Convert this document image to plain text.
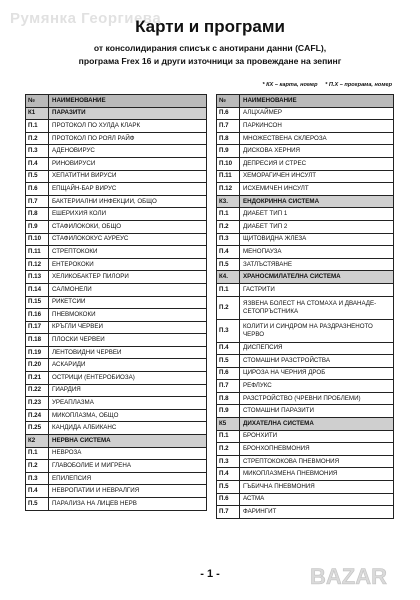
Румянка Георгиева
Карти и програми
от консолидирания списък с анотирани данни (CAFL),
програма Frex 16 и други източници за провеждане на зепинг
* КХ – карта, номер * П.Х – програма, номер
№	НАИМЕНОВАНИЕ
К1	ПАРАЗИТИ
П.1	ПРОТОКОЛ ПО ХУЛДА КЛАРК
П.2	ПРОТОКОЛ ПО РОЯЛ РАЙФ
П.3	АДЕНОВИРУС
П.4	РИНОВИРУСИ
П.5	ХЕПАТИТНИ ВИРУСИ
П.6	ЕПЩАЙН-БАР ВИРУС
П.7	БАКТЕРИАЛНИ ИНФЕКЦИИ, ОБЩО
П.8	ЕШЕРИХИЯ КОЛИ
П.9	СТАФИЛОКОКИ, ОБЩО
П.10	СТАФИЛОКОКУС АУРЕУС
П.11	СТРЕПТОКОКИ
П.12	ЕНТЕРОКОКИ
П.13	ХЕЛИКОБАКТЕР ПИЛОРИ
П.14	САЛМОНЕЛИ
П.15	РИКЕТСИИ
П.16	ПНЕВМОКОКИ
П.17	КРЪГЛИ ЧЕРВЕИ
П.18	ПЛОСКИ ЧЕРВЕИ
П.19	ЛЕНТОВИДНИ ЧЕРВЕИ
П.20	АСКАРИДИ
П.21	ОСТРИЦИ (ЕНТЕРОБИОЗА)
П.22	ГИАРДИЯ
П.23	УРЕАПЛАЗМА
П.24	МИКОПЛАЗМА, ОБЩО
П.25	КАНДИДА АЛБИКАНС
К2	НЕРВНА СИСТЕМА
П.1	НЕВРОЗА
П.2	ГЛАВОБОЛИЕ И МИГРЕНА
П.3	ЕПИЛЕПСИЯ
П.4	НЕВРОПАТИИ И НЕВРАЛГИЯ
П.5	ПАРАЛИЗА НА ЛИЦЕВ НЕРВ
№	НАИМЕНОВАНИЕ
П.6	АЛЦХАЙМЕР
П.7	ПАРКИНСОН
П.8	МНОЖЕСТВЕНА СКЛЕРОЗА
П.9	ДИСКОВА ХЕРНИЯ
П.10	ДЕПРЕСИЯ И СТРЕС
П.11	ХЕМОРАГИЧЕН ИНСУЛТ
П.12	ИСХЕМИЧЕН ИНСУЛТ
К3.	ЕНДОКРИННА СИСТЕМА
П.1	ДИАБЕТ ТИП 1
П.2	ДИАБЕТ ТИП 2
П.3	ЩИТОВИДНА ЖЛЕЗА
П.4	МЕНОПАУЗА
П.5	ЗАТЛЪСТЯВАНЕ
К4.	ХРАНОСМИЛАТЕЛНА СИСТЕМА
П.1	ГАСТРИТИ
П.2	ЯЗВЕНА БОЛЕСТ НА СТОМАХА И ДВАНАДЕ-СЕТОПРЪСТНИКА
П.3	КОЛИТИ И СИНДРОМ НА РАЗДРАЗНЕНОТО ЧЕРВО
П.4	ДИСПЕПСИЯ
П.5	СТОМАШНИ РАЗСТРОЙСТВА
П.6	ЦИРОЗА НА ЧЕРНИЯ ДРОБ
П.7	РЕФЛУКС
П.8	РАЗСТРОЙСТВО (ЧРЕВНИ ПРОБЛЕМИ)
П.9	СТОМАШНИ ПАРАЗИТИ
К5	ДИХАТЕЛНА СИСТЕМА
П.1	БРОНХИТИ
П.2	БРОНХОПНЕВМОНИЯ
П.3	СТРЕПТОКОКОВА ПНЕВМОНИЯ
П.4	МИКОПЛАЗМЕНА ПНЕВМОНИЯ
П.5	ГЪБИЧНА ПНЕВМОНИЯ
П.6	АСТМА
П.7	ФАРИНГИТ
- 1 -	BAZAR
